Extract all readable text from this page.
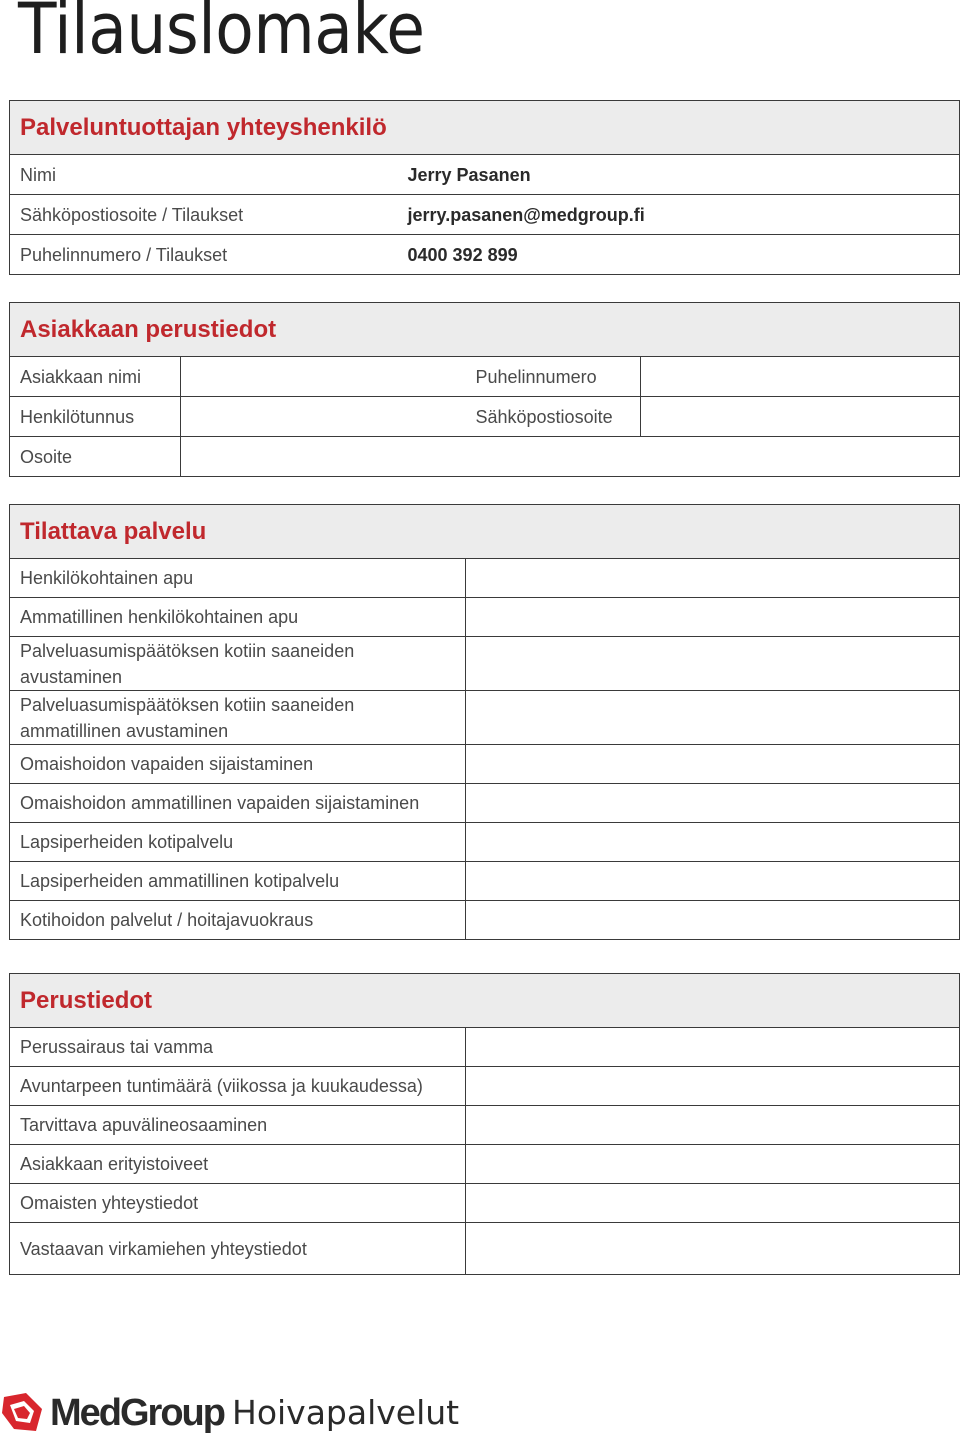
Tilauslomake
Palveluntuottajan yhteyshenkilö	
Nimi	Jerry Pasanen
Sähköpostiosoite / Tilaukset	jerry.pasanen@medgroup.fi
Puhelinnumero / Tilaukset	0400 392 899
Asiakkaan perustiedot			
Asiakkaan nimi		Puhelinnumero	
Henkilötunnus		Sähköpostiosoite	
Osoite			
Tilattava palvelu	
Henkilökohtainen apu	
Ammatillinen henkilökohtainen apu	
Palveluasumispäätöksen kotiin saaneiden avustaminen	
Palveluasumispäätöksen kotiin saaneiden ammatillinen avustaminen	
Omaishoidon vapaiden sijaistaminen	
Omaishoidon ammatillinen vapaiden sijaistaminen	
Lapsiperheiden kotipalvelu	
Lapsiperheiden ammatillinen kotipalvelu	
Kotihoidon palvelut / hoitajavuokraus	
Perustiedot	
Perussairaus tai vamma	
Avuntarpeen tuntimäärä (viikossa ja kuukaudessa)	
Tarvittava apuvälineosaaminen	
Asiakkaan erityistoiveet	
Omaisten yhteystiedot	
Vastaavan virkamiehen yhteystiedot	
MedGroup Hoivapalvelut
